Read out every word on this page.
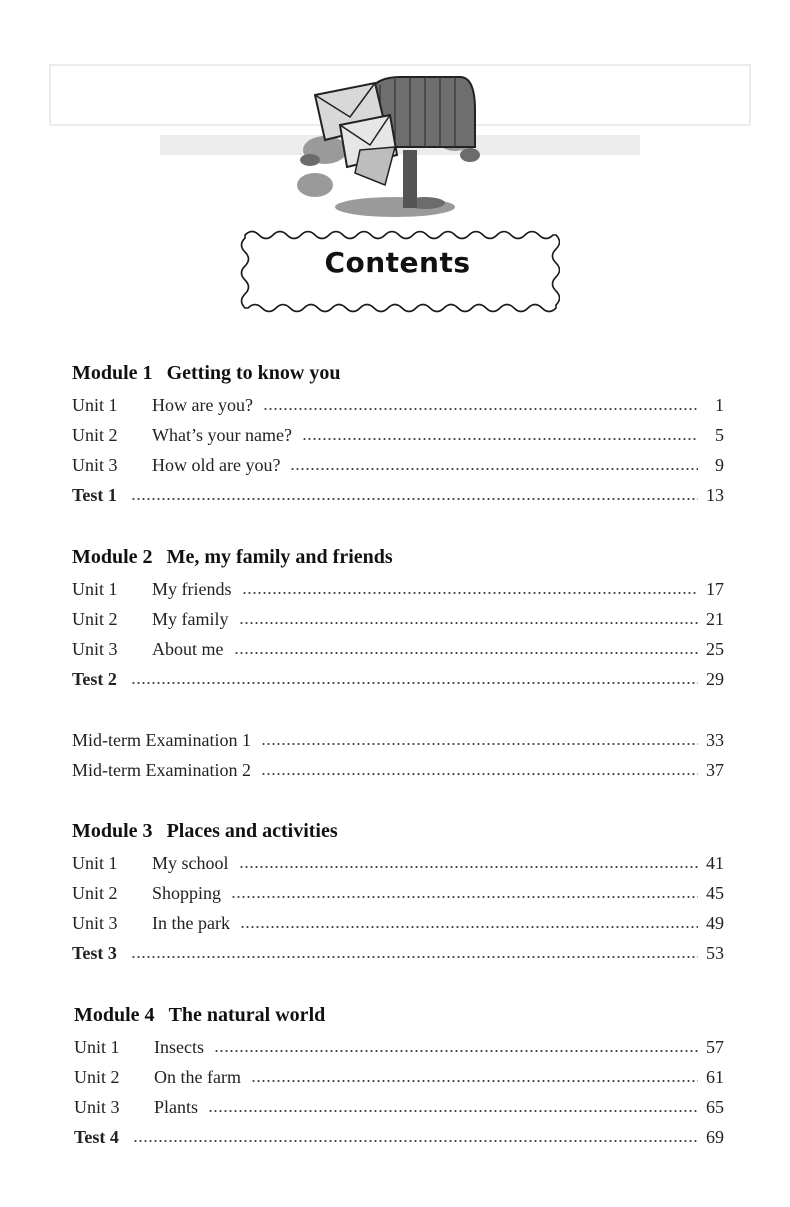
Contents
Module 1 Getting to know you
Unit 1	How are you?	1
Unit 2	What’s your name?	5
Unit 3	How old are you?	9
Test 1	13
Module 2 Me, my family and friends
Unit 1	My friends	17
Unit 2	My family	21
Unit 3	About me	25
Test 2	29
Mid-term Examination 1	33
Mid-term Examination 2	37
Module 3 Places and activities
Unit 1	My school	41
Unit 2	Shopping	45
Unit 3	In the park	49
Test 3	53
Module 4 The natural world
Unit 1	Insects	57
Unit 2	On the farm	61
Unit 3	Plants	65
Test 4	69
